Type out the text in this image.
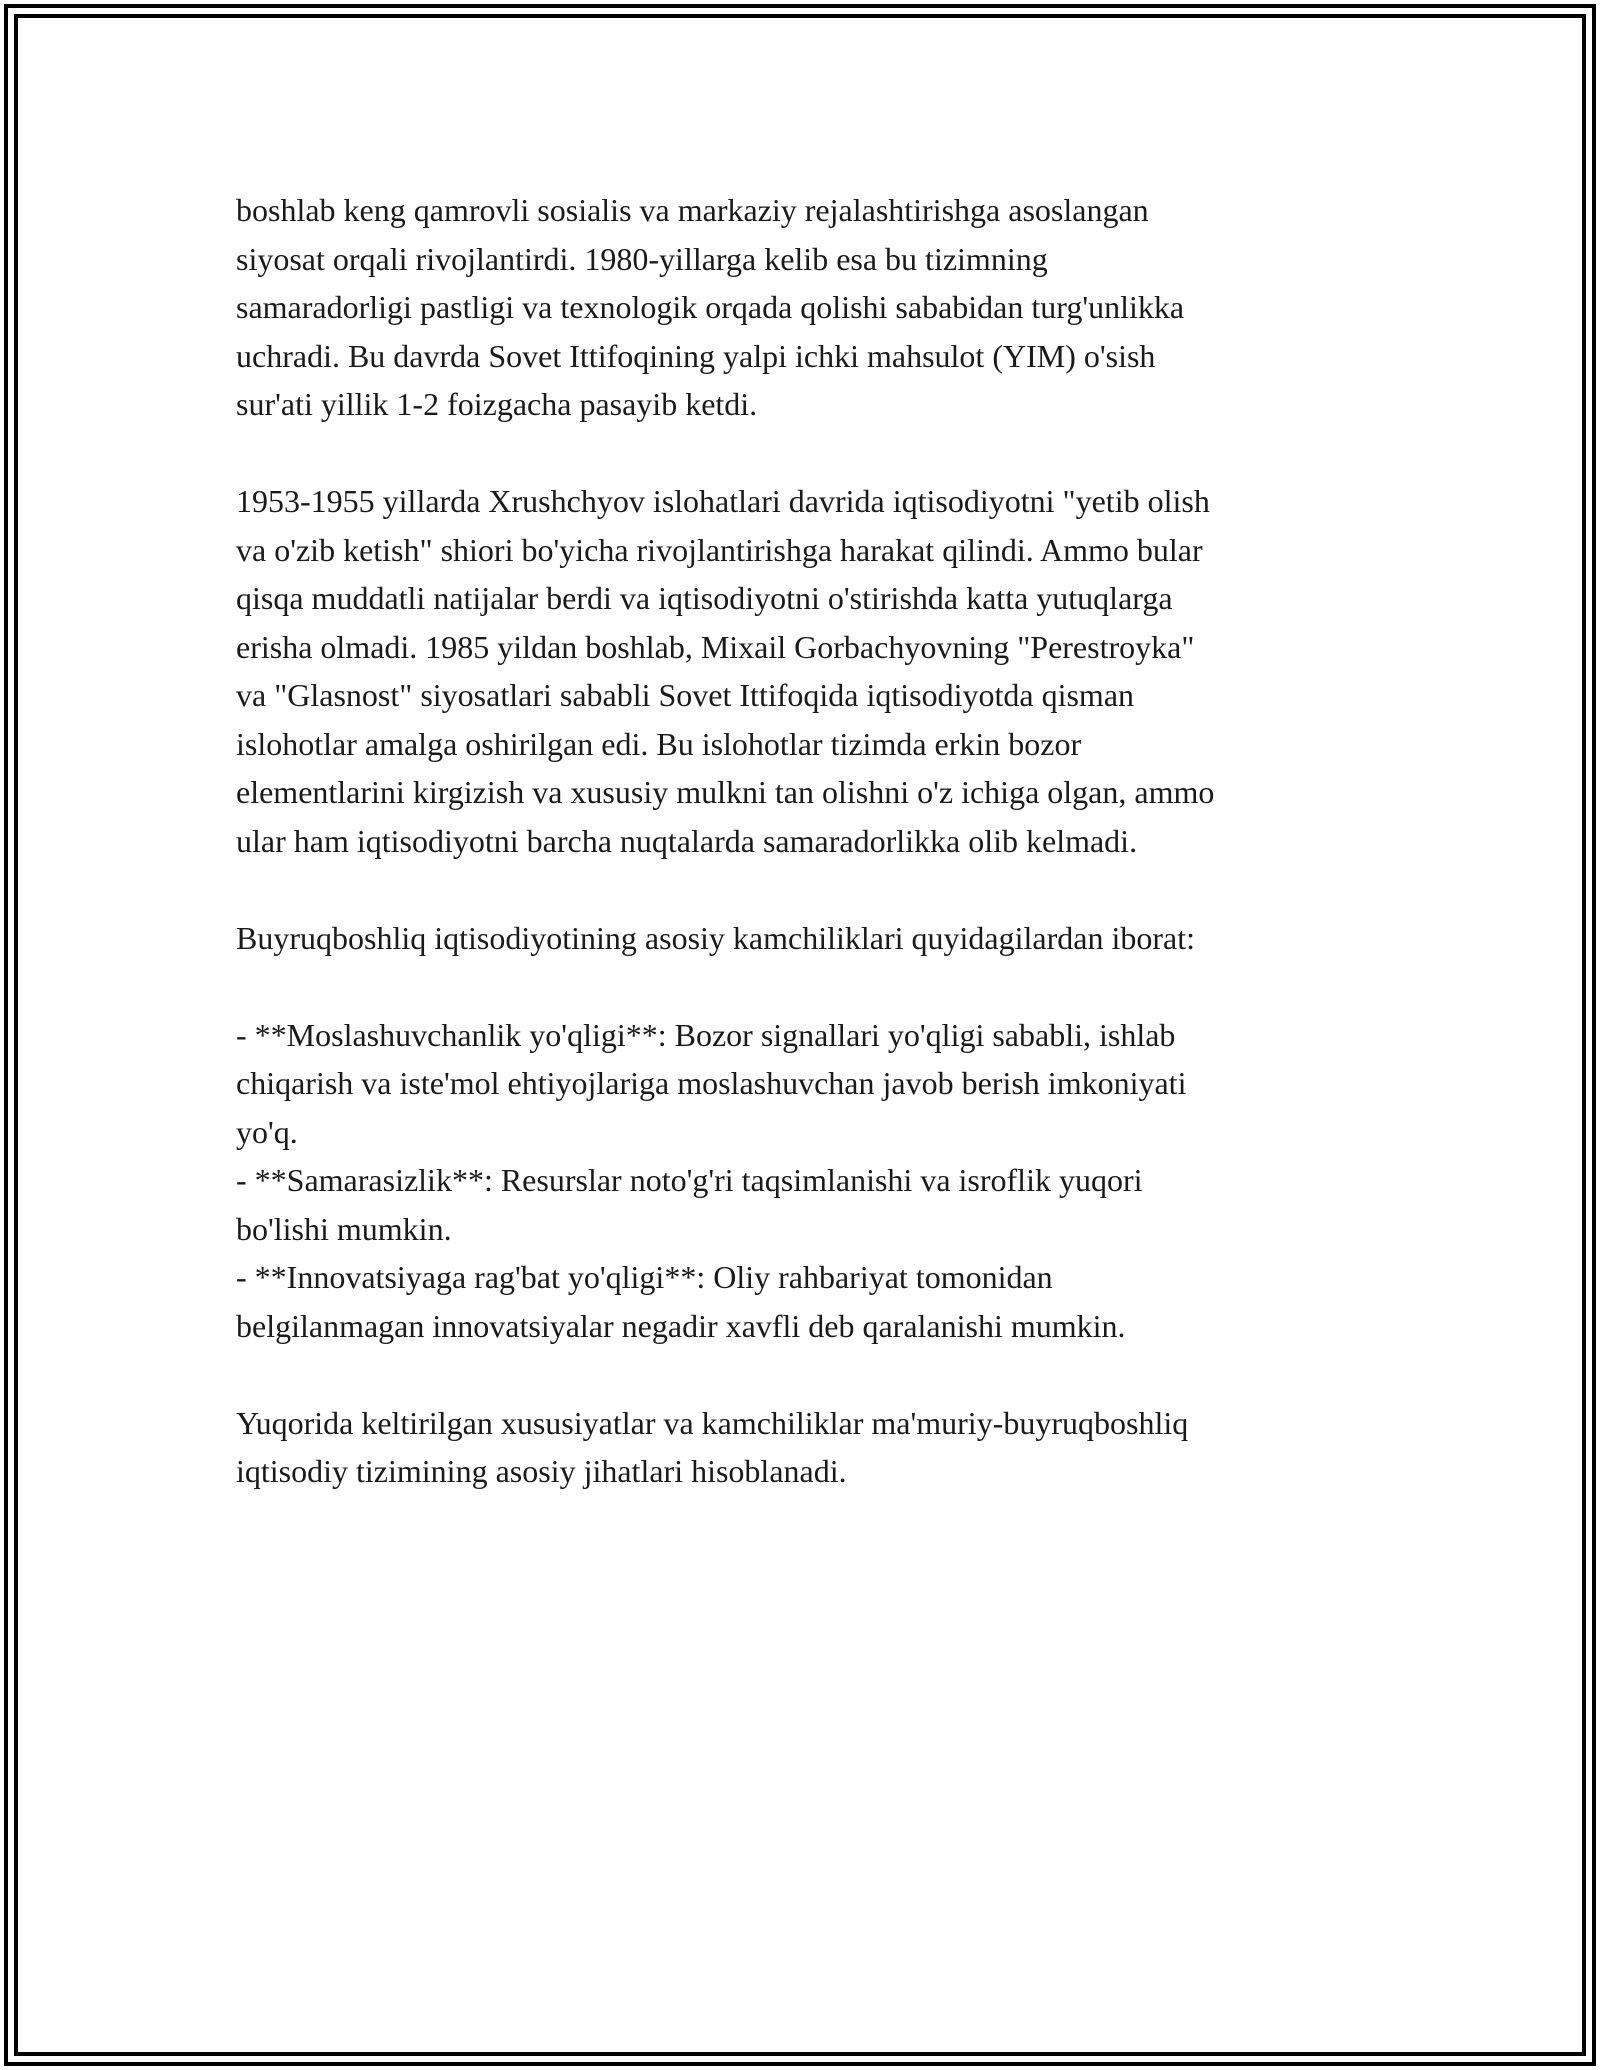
boshlab keng qamrovli sosialis va markaziy rejalashtirishga asoslangan
siyosat orqali rivojlantirdi. 1980-yillarga kelib esa bu tizimning
samaradorligi pastligi va texnologik orqada qolishi sababidan turg'unlikka
uchradi. Bu davrda Sovet Ittifoqining yalpi ichki mahsulot (YIM) o'sish
sur'ati yillik 1-2 foizgacha pasayib ketdi.

1953-1955 yillarda Xrushchyov islohatlari davrida iqtisodiyotni "yetib olish
va o'zib ketish" shiori bo'yicha rivojlantirishga harakat qilindi. Ammo bular
qisqa muddatli natijalar berdi va iqtisodiyotni o'stirishda katta yutuqlarga
erisha olmadi. 1985 yildan boshlab, Mixail Gorbachyovning "Perestroyka"
va "Glasnost" siyosatlari sababli Sovet Ittifoqida iqtisodiyotda qisman
islohotlar amalga oshirilgan edi. Bu islohotlar tizimda erkin bozor
elementlarini kirgizish va xususiy mulkni tan olishni o'z ichiga olgan, ammo
ular ham iqtisodiyotni barcha nuqtalarda samaradorlikka olib kelmadi.

Buyruqboshliq iqtisodiyotining asosiy kamchiliklari quyidagilardan iborat:

- **Moslashuvchanlik yo'qligi**: Bozor signallari yo'qligi sababli, ishlab
chiqarish va iste'mol ehtiyojlariga moslashuvchan javob berish imkoniyati
yo'q.
- **Samarasizlik**: Resurslar noto'g'ri taqsimlanishi va isroflik yuqori
bo'lishi mumkin.
- **Innovatsiyaga rag'bat yo'qligi**: Oliy rahbariyat tomonidan
belgilanmagan innovatsiyalar negadir xavfli deb qaralanishi mumkin.

Yuqorida keltirilgan xususiyatlar va kamchiliklar ma'muriy-buyruqboshliq
iqtisodiy tizimining asosiy jihatlari hisoblanadi.
